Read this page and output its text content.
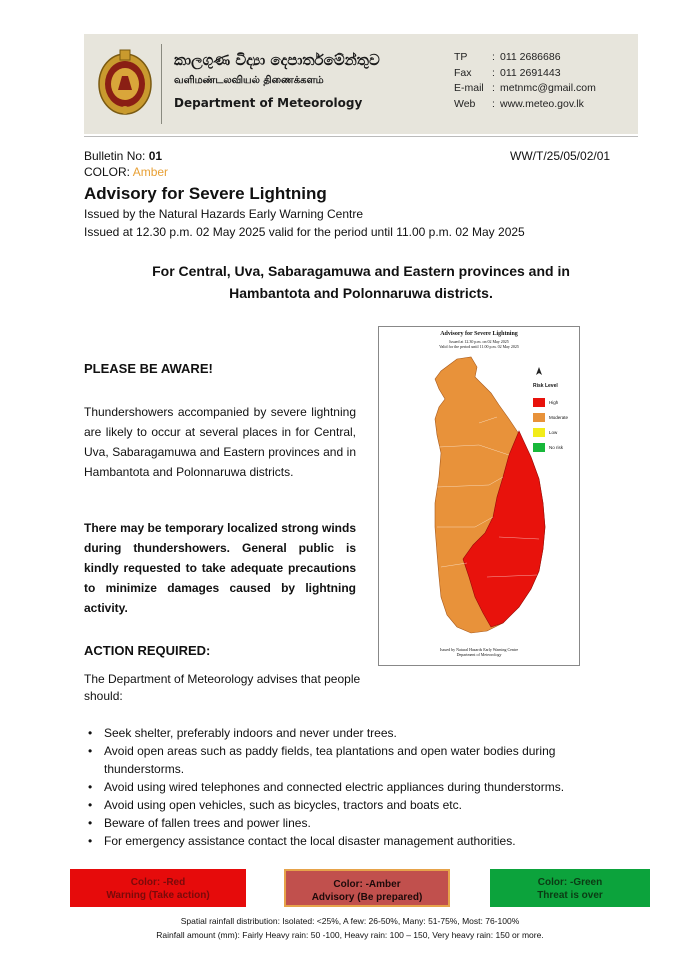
කාලගුණ විද්‍යා දෙපාර්තමේන්තුව
வளிமண்டலவியல் திணைக்களம்
Department of Meteorology
TP	: 011 2686686
Fax	: 011 2691443
E-mail : metnmc@gmail.com
Web	: www.meteo.gov.lk
Bulletin No: 01	WW/T/25/05/02/01
COLOR: Amber
Advisory for Severe Lightning
Issued by the Natural Hazards Early Warning Centre
Issued at 12.30 p.m. 02 May 2025 valid for the period until 11.00 p.m. 02 May 2025
For Central, Uva, Sabaragamuwa and Eastern provinces and in
Hambantota and Polonnaruwa districts.
PLEASE BE AWARE!
Thundershowers accompanied by severe lightning are likely to occur at several places in for Central, Uva, Sabaragamuwa and Eastern provinces and in Hambantota and Polonnaruwa districts.
There may be temporary localized strong winds during thundershowers. General public is kindly requested to take adequate precautions to minimize damages caused by lightning activity.
ACTION REQUIRED:
The Department of Meteorology advises that people should:
• Seek shelter, preferably indoors and never under trees.
• Avoid open areas such as paddy fields, tea plantations and open water bodies during thunderstorms.
• Avoid using wired telephones and connected electric appliances during thunderstorms.
• Avoid using open vehicles, such as bicycles, tractors and boats etc.
• Beware of fallen trees and power lines.
• For emergency assistance contact the local disaster management authorities.
Advisory for Severe Lightning
Issued at 12.30 p.m. on 02 May 2025
Valid for the period until 11.00 p.m. 02 May 2025
Risk Level
High
Moderate
Low
No risk
Issued by Natural Hazards Early Warning Centre
Department of Meteorology
Color: -Red
Warning (Take action)
Color: -Amber
Advisory (Be prepared)
Color: -Green
Threat is over
Spatial rainfall distribution: Isolated: <25%, A few: 26-50%, Many: 51-75%, Most: 76-100%
Rainfall amount (mm): Fairly Heavy rain: 50 -100, Heavy rain: 100 – 150, Very heavy rain: 150 or more.
